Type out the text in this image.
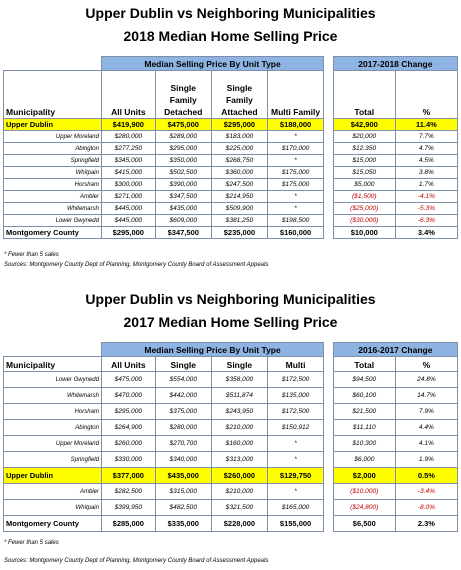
Upper Dublin vs Neighboring Municipalities
2018 Median Home Selling Price
	Median Selling Price By Unit Type					2017-2018 Change	
Municipality	All Units	Single Family Detached	Single Family Attached	Multi Family		Total	%
Upper Dublin	$419,900	$475,000	$295,000	$188,000		$42,900	11.4%
Upper Moreland	$280,000	$289,000	$183,000	*		$20,000	7.7%
Abington	$277,250	$295,000	$225,000	$170,000		$12,350	4.7%
Springfield	$345,000	$350,000	$268,750	*		$15,000	4.5%
Whitpain	$415,000	$502,500	$360,000	$175,000		$15,050	3.8%
Horsham	$300,000	$390,000	$247,500	$175,000		$5,000	1.7%
Ambler	$271,000	$347,500	$214,950	*		($1,500)	-4.1%
Whitemarsh	$445,000	$435,000	$509,900	*		($25,000)	-5.3%
Lower Gwynedd	$445,000	$609,000	$381,250	$198,500		($30,000)	-6.3%
Montgomery County	$295,000	$347,500	$235,000	$160,000		$10,000	3.4%
* Fewer than 5 sales
Sources: Montgomery County Dept of Planning, Montgomery County Board of Assessment Appeals
Upper Dublin vs Neighboring Municipalities
2017 Median Home Selling Price
	Median Selling Price By Unit Type					2016-2017 Change	
Municipality	All Units	Single	Single	Multi		Total	%
Lower Gwynedd	$475,000	$554,000	$358,000	$172,500		$94,500	24.8%
Whitemarsh	$470,000	$442,000	$511,874	$135,000		$60,100	14.7%
Horsham	$295,000	$375,000	$243,950	$172,500		$21,500	7.9%
Abington	$264,900	$280,000	$210,000	$150,912		$11,110	4.4%
Upper Moreland	$260,000	$270,700	$160,000	*		$10,300	4.1%
Springfield	$330,000	$340,000	$313,000	*		$6,000	1.9%
Upper Dublin	$377,000	$435,000	$260,000	$129,750		$2,000	0.5%
Ambler	$282,500	$315,000	$210,000	*		($10,000)	-3.4%
Whitpain	$399,950	$482,500	$321,500	$165,000		($24,800)	-8.0%
Montgomery County	$285,000	$335,000	$228,000	$155,000		$6,500	2.3%
* Fewer than 5 sales
Sources: Montgomery County Dept of Planning, Montgomery County Board of Assessment Appeals
